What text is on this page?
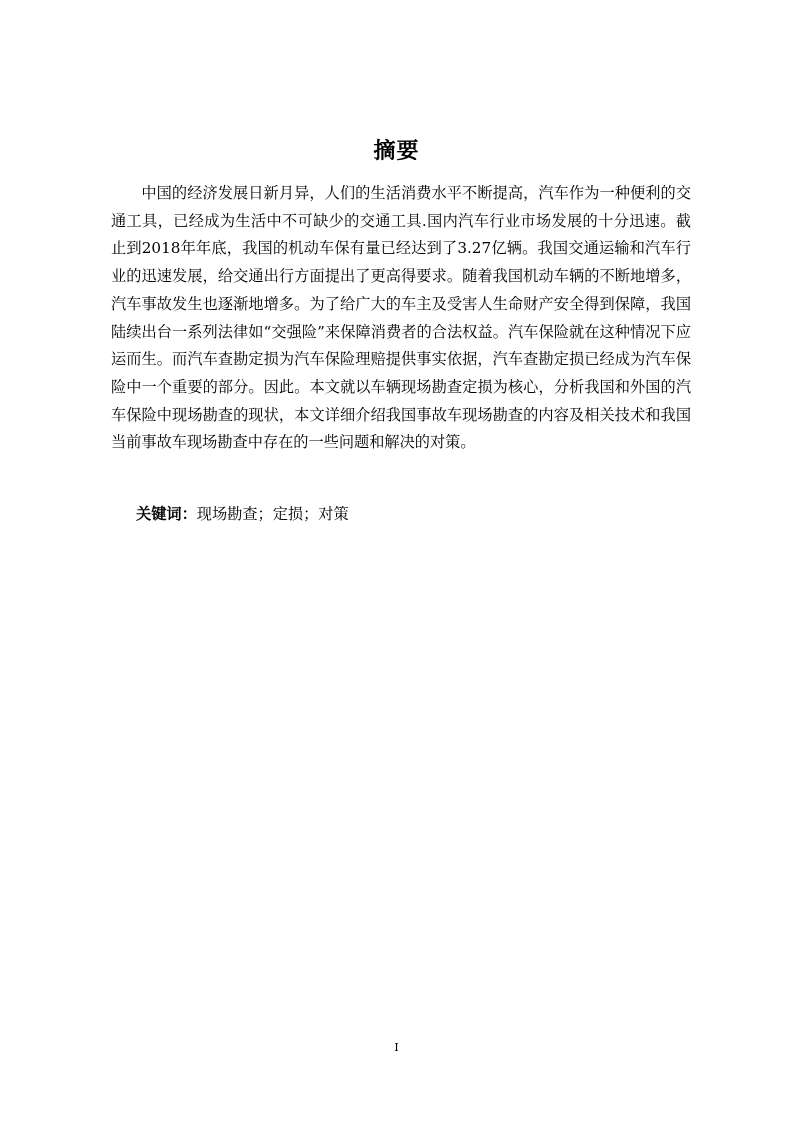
摘要

中国的经济发展日新月异，人们的生活消费水平不断提高，汽车作为一种便利的交通工具，已经成为生活中不可缺少的交通工具.国内汽车行业市场发展的十分迅速。截止到2018年年底，我国的机动车保有量已经达到了3.27亿辆。我国交通运输和汽车行业的迅速发展，给交通出行方面提出了更高得要求。随着我国机动车辆的不断地增多，汽车事故发生也逐渐地增多。为了给广大的车主及受害人生命财产安全得到保障，我国陆续出台一系列法律如“交强险”来保障消费者的合法权益。汽车保险就在这种情况下应运而生。而汽车查勘定损为汽车保险理赔提供事实依据，汽车查勘定损已经成为汽车保险中一个重要的部分。因此。本文就以车辆现场勘查定损为核心，分析我国和外国的汽车保险中现场勘查的现状，本文详细介绍我国事故车现场勘查的内容及相关技术和我国当前事故车现场勘查中存在的一些问题和解决的对策。

关键词：现场勘查；定损；对策
I
